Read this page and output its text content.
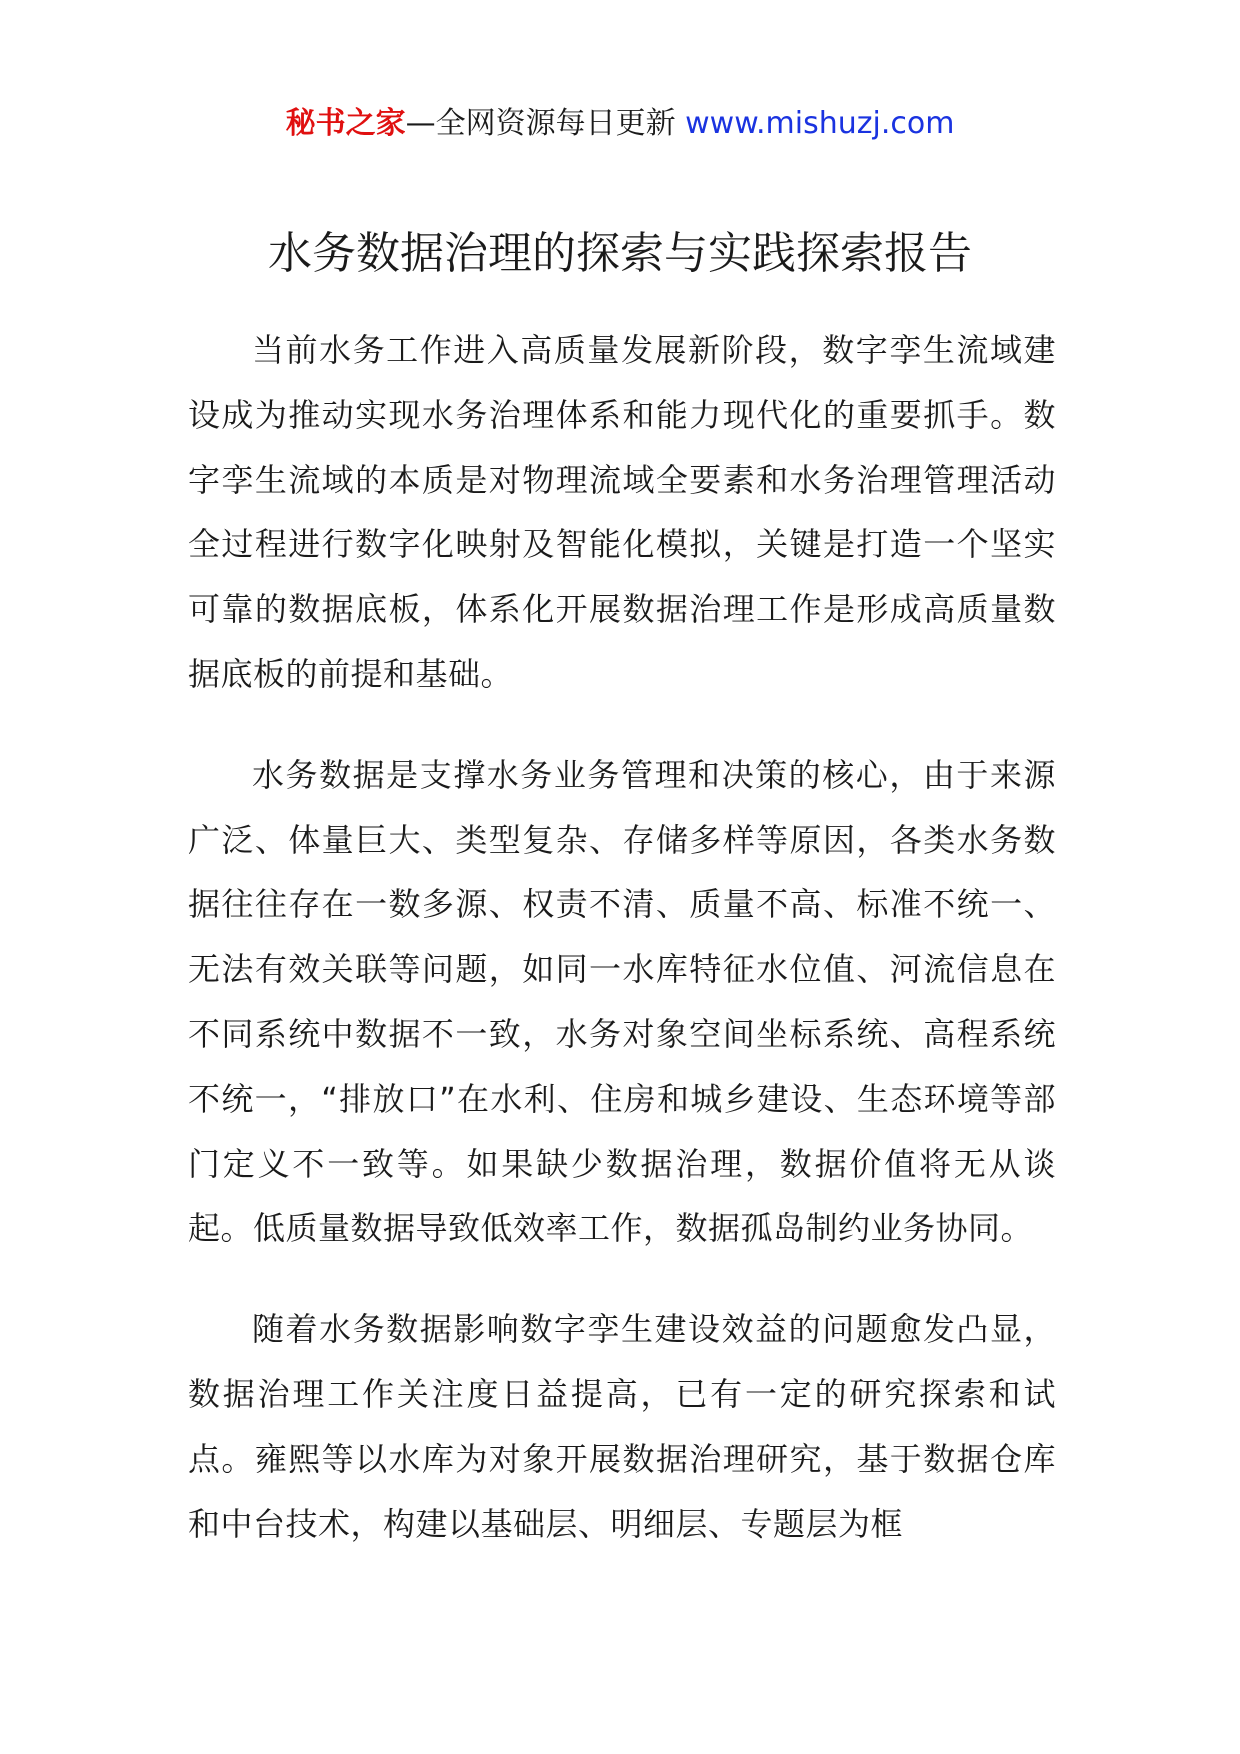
秘书之家—全网资源每日更新 www.mishuzj.com
水务数据治理的探索与实践探索报告

当前水务工作进入高质量发展新阶段，数字孪生流域建设成为推动实现水务治理体系和能力现代化的重要抓手。数字孪生流域的本质是对物理流域全要素和水务治理管理活动全过程进行数字化映射及智能化模拟，关键是打造一个坚实可靠的数据底板，体系化开展数据治理工作是形成高质量数据底板的前提和基础。

水务数据是支撑水务业务管理和决策的核心，由于来源广泛、体量巨大、类型复杂、存储多样等原因，各类水务数据往往存在一数多源、权责不清、质量不高、标准不统一、无法有效关联等问题，如同一水库特征水位值、河流信息在不同系统中数据不一致，水务对象空间坐标系统、高程系统不统一，“排放口”在水利、住房和城乡建设、生态环境等部门定义不一致等。如果缺少数据治理，数据价值将无从谈起。低质量数据导致低效率工作，数据孤岛制约业务协同。

随着水务数据影响数字孪生建设效益的问题愈发凸显，数据治理工作关注度日益提高，已有一定的研究探索和试点。雍熙等以水库为对象开展数据治理研究，基于数据仓库和中台技术，构建以基础层、明细层、专题层为框
